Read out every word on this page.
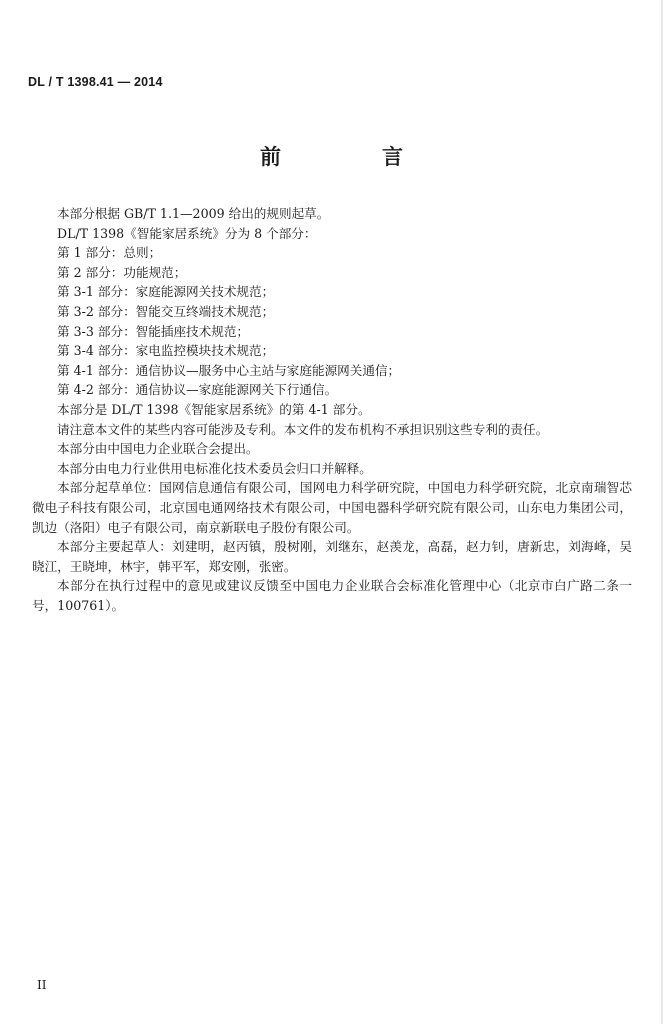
DL / T 1398.41 — 2014
前　言

本部分根据 GB/T 1.1—2009 给出的规则起草。

DL/T 1398《智能家居系统》分为 8 个部分：

第 1 部分：总则；

第 2 部分：功能规范；

第 3-1 部分：家庭能源网关技术规范；

第 3-2 部分：智能交互终端技术规范；

第 3-3 部分：智能插座技术规范；

第 3-4 部分：家电监控模块技术规范；

第 4-1 部分：通信协议—服务中心主站与家庭能源网关通信；

第 4-2 部分：通信协议—家庭能源网关下行通信。

本部分是 DL/T 1398《智能家居系统》的第 4-1 部分。

请注意本文件的某些内容可能涉及专利。本文件的发布机构不承担识别这些专利的责任。

本部分由中国电力企业联合会提出。

本部分由电力行业供用电标准化技术委员会归口并解释。

本部分起草单位：国网信息通信有限公司，国网电力科学研究院，中国电力科学研究院，北京南瑞智芯微电子科技有限公司，北京国电通网络技术有限公司，中国电器科学研究院有限公司，山东电力集团公司，凯边（洛阳）电子有限公司，南京新联电子股份有限公司。

本部分主要起草人：刘建明，赵丙镇，殷树刚，刘继东，赵羡龙，高磊，赵力钊，唐新忠，刘海峰，吴晓江，王晓坤，林宇，韩平军，郑安刚，张密。

本部分在执行过程中的意见或建议反馈至中国电力企业联合会标准化管理中心（北京市白广路二条一号，100761）。

II
